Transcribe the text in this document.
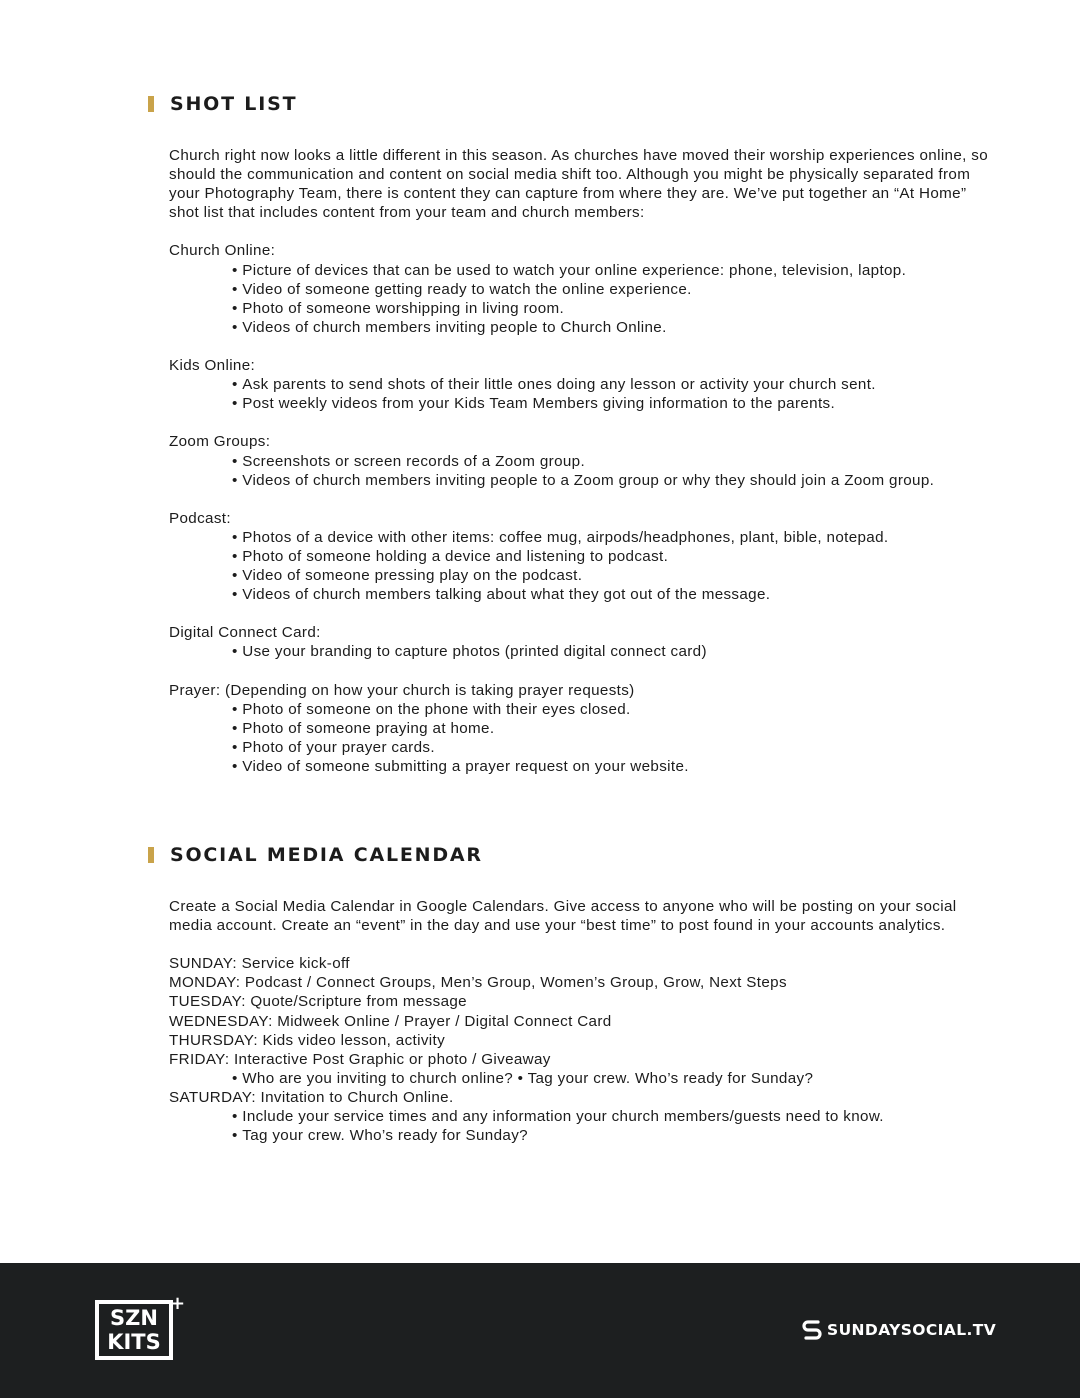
SHOT LIST

Church right now looks a little different in this season. As churches have moved their worship experiences online, so should the communication and content on social media shift too. Although you might be physically separated from your Photography Team, there is content they can capture from where they are. We’ve put together an “At Home” shot list that includes content from your team and church members:

Church Online:

• Picture of devices that can be used to watch your online experience: phone, television, laptop.
• Video of someone getting ready to watch the online experience.
• Photo of someone worshipping in living room.
• Videos of church members inviting people to Church Online.

Kids Online:

• Ask parents to send shots of their little ones doing any lesson or activity your church sent.
• Post weekly videos from your Kids Team Members giving information to the parents.

Zoom Groups:

• Screenshots or screen records of a Zoom group.
• Videos of church members inviting people to a Zoom group or why they should join a Zoom group.

Podcast:

• Photos of a device with other items: coffee mug, airpods/headphones, plant, bible, notepad.
• Photo of someone holding a device and listening to podcast.
• Video of someone pressing play on the podcast.
• Videos of church members talking about what they got out of the message.

Digital Connect Card:

• Use your branding to capture photos (printed digital connect card)

Prayer: (Depending on how your church is taking prayer requests)

• Photo of someone on the phone with their eyes closed.
• Photo of someone praying at home.
• Photo of your prayer cards.
• Video of someone submitting a prayer request on your website.
SOCIAL MEDIA CALENDAR

Create a Social Media Calendar in Google Calendars. Give access to anyone who will be posting on your social media account. Create an “event” in the day and use your “best time” to post found in your accounts analytics.

SUNDAY: Service kick-off

MONDAY: Podcast / Connect Groups, Men’s Group, Women’s Group, Grow, Next Steps

TUESDAY: Quote/Scripture from message

WEDNESDAY: Midweek Online / Prayer / Digital Connect Card

THURSDAY: Kids video lesson, activity

FRIDAY: Interactive Post Graphic or photo / Giveaway

• Who are you inviting to church online? • Tag your crew. Who’s ready for Sunday?

SATURDAY: Invitation to Church Online.

• Include your service times and any information your church members/guests need to know.
• Tag your crew. Who’s ready for Sunday?
SZN
KITS
+
SUNDAYSOCIAL.TV
